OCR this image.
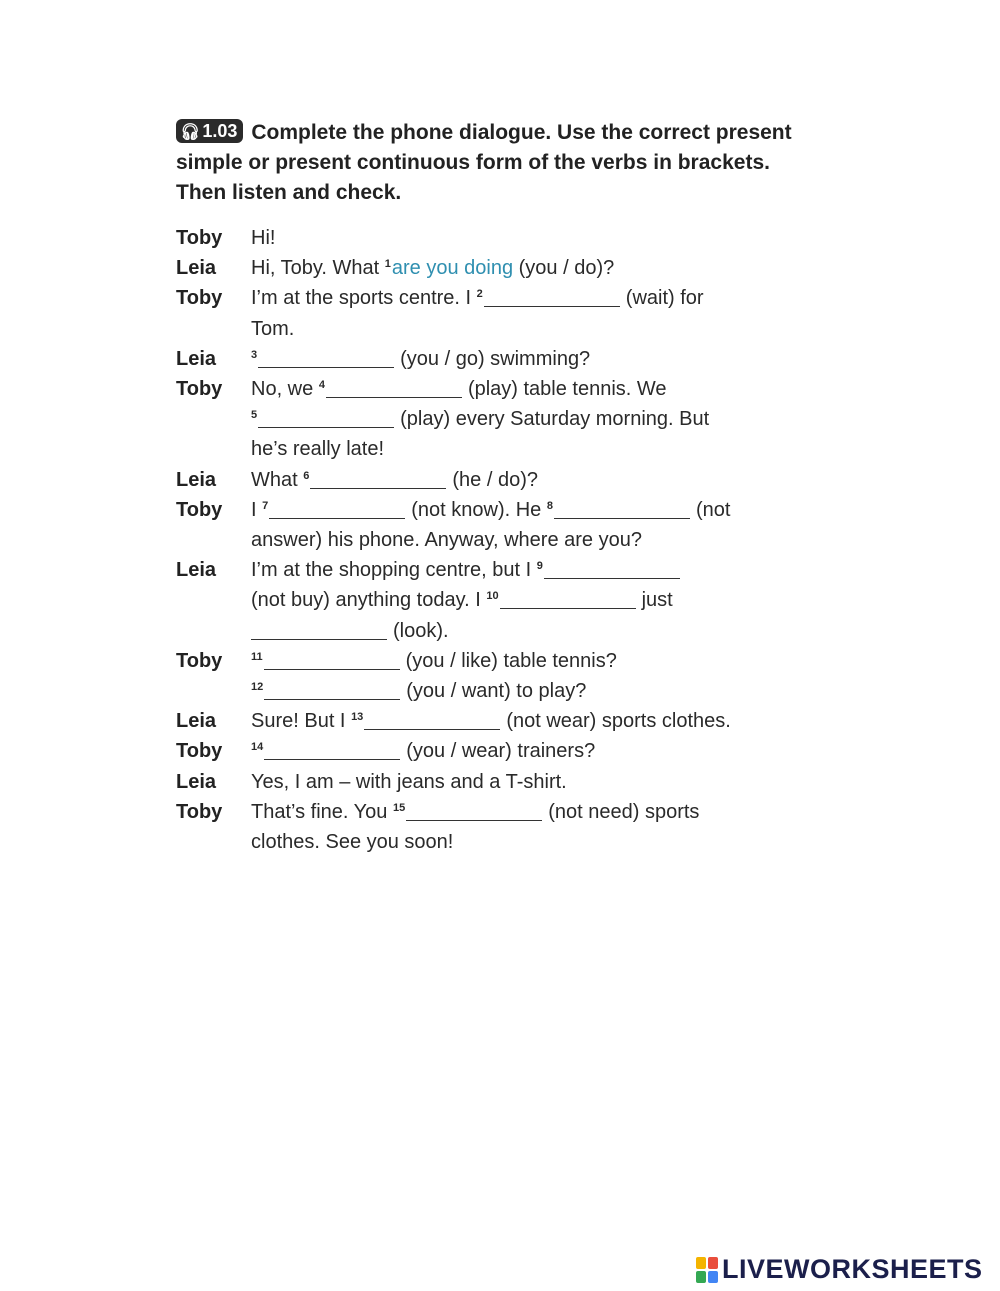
🎧︎ 1.03 Complete the phone dialogue. Use the correct present simple or present continuous form of the verbs in brackets. Then listen and check.
Toby	Hi!
Leia	Hi, Toby. What $^1$are you doing (you / do)?
Toby	I’m at the sports centre. I $^2$	(wait) for
Tom.
Leia	$^3$	(you / go) swimming?
Toby	No, we $^4$	(play) table tennis. We
$^5$	(play) every Saturday morning. But
he’s really late!
Leia	What $^6$	(he / do)?
Toby	I $^7$	(not know). He $^8$	(not
answer) his phone. Anyway, where are you?
Leia	I’m at the shopping centre, but I $^9$
(not buy) anything today. I $^{10}$	just
(look).
Toby	$^{11}$	(you / like) table tennis?
$^{12}$	(you / want) to play?
Leia	Sure! But I $^{13}$	(not wear) sports clothes.
Toby	$^{14}$	(you / wear) trainers?
Leia	Yes, I am – with jeans and a T-shirt.
Toby	That’s fine. You $^{15}$	(not need) sports
clothes. See you soon!
LIVEWORKSHEETS
